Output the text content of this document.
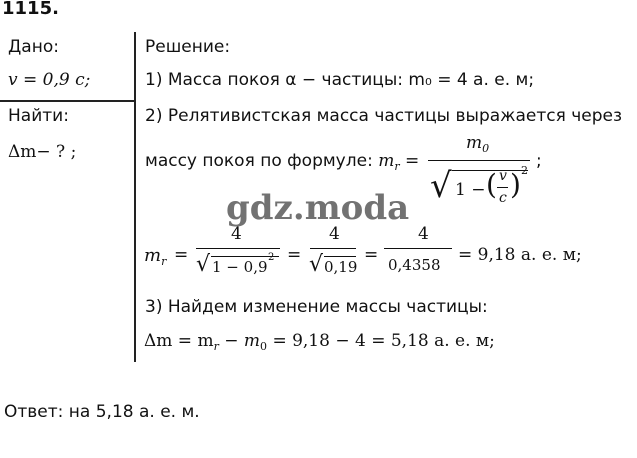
1115.
Дано:
v = 0,9 c;
Найти:
Δm− ? ;
Решение:
1) Масса покоя α − частицы: m₀ = 4 а. е. м;
2) Релятивистская масса частицы выражается через
массу покоя по формуле: $m_r$ =
$m_0$
√ 1 − ( v
c ) 2 ;
gdz.moda
$m_r$ =
4
√ 1 − 0,9
2 =
4
√ 0,19
=
4
0,4358 = 9,18 а. е. м;
3) Найдем изменение массы частицы:
$\Delta m = m_r - m_0 = 9,18 - 4 = 5,18$ а. е. м;
Ответ: на 5,18 а. е. м.
